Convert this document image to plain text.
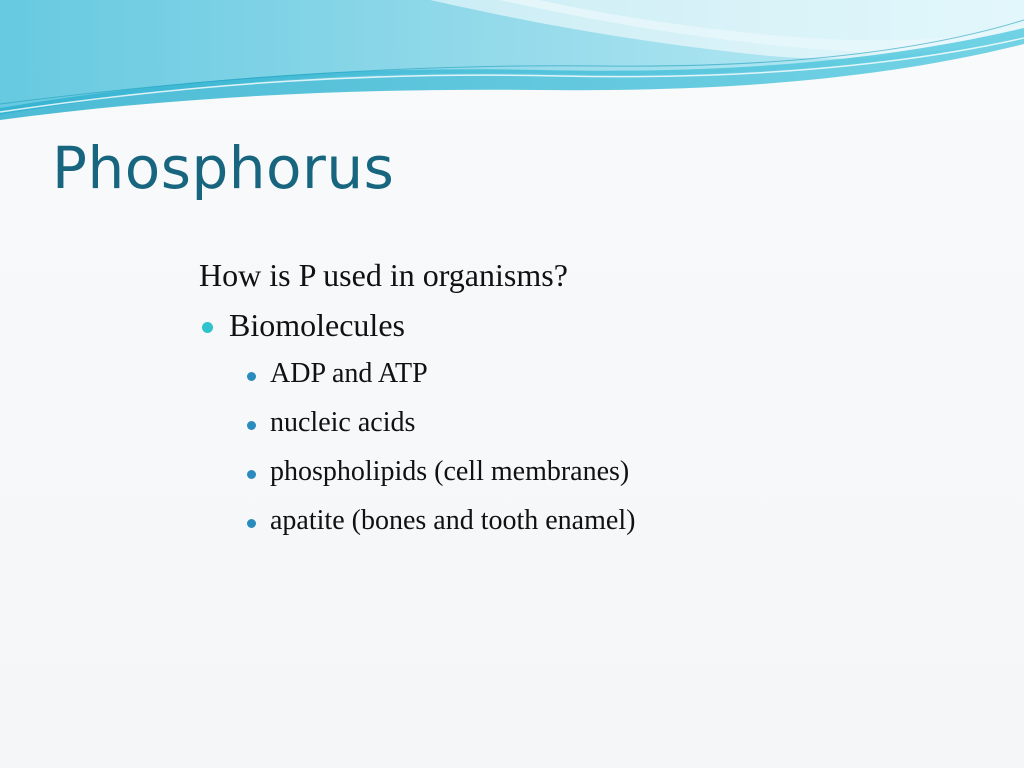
Phosphorus
How is P used in organisms?
Biomolecules
ADP and ATP
nucleic acids
phospholipids (cell membranes)
apatite (bones and tooth enamel)
